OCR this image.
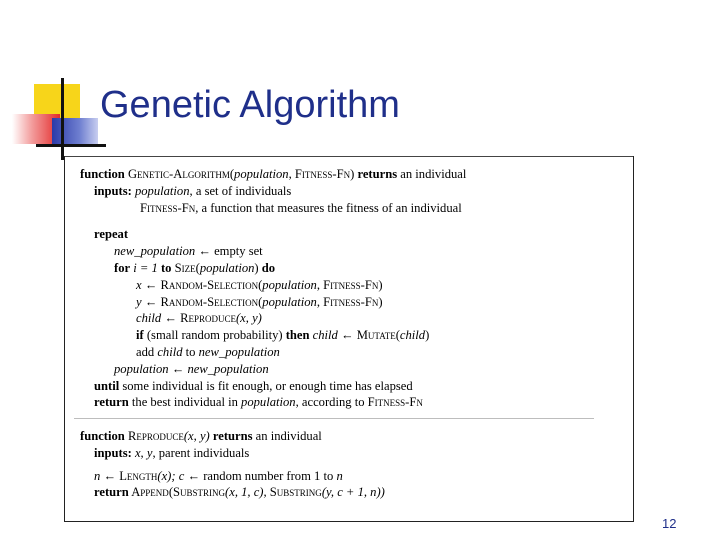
Genetic Algorithm
function Genetic-Algorithm(population, Fitness-Fn) returns an individual
inputs: population, a set of individuals
Fitness-Fn, a function that measures the fitness of an individual
repeat
new_population ← empty set
for i = 1 to Size(population) do
x ← Random-Selection(population, Fitness-Fn)
y ← Random-Selection(population, Fitness-Fn)
child ← Reproduce(x, y)
if (small random probability) then child ← Mutate(child)
add child to new_population
population ← new_population
until some individual is fit enough, or enough time has elapsed
return the best individual in population, according to Fitness-Fn
function Reproduce(x, y) returns an individual
inputs: x, y, parent individuals
n ← Length(x); c ← random number from 1 to n
return Append(Substring(x, 1, c), Substring(y, c + 1, n))
12
